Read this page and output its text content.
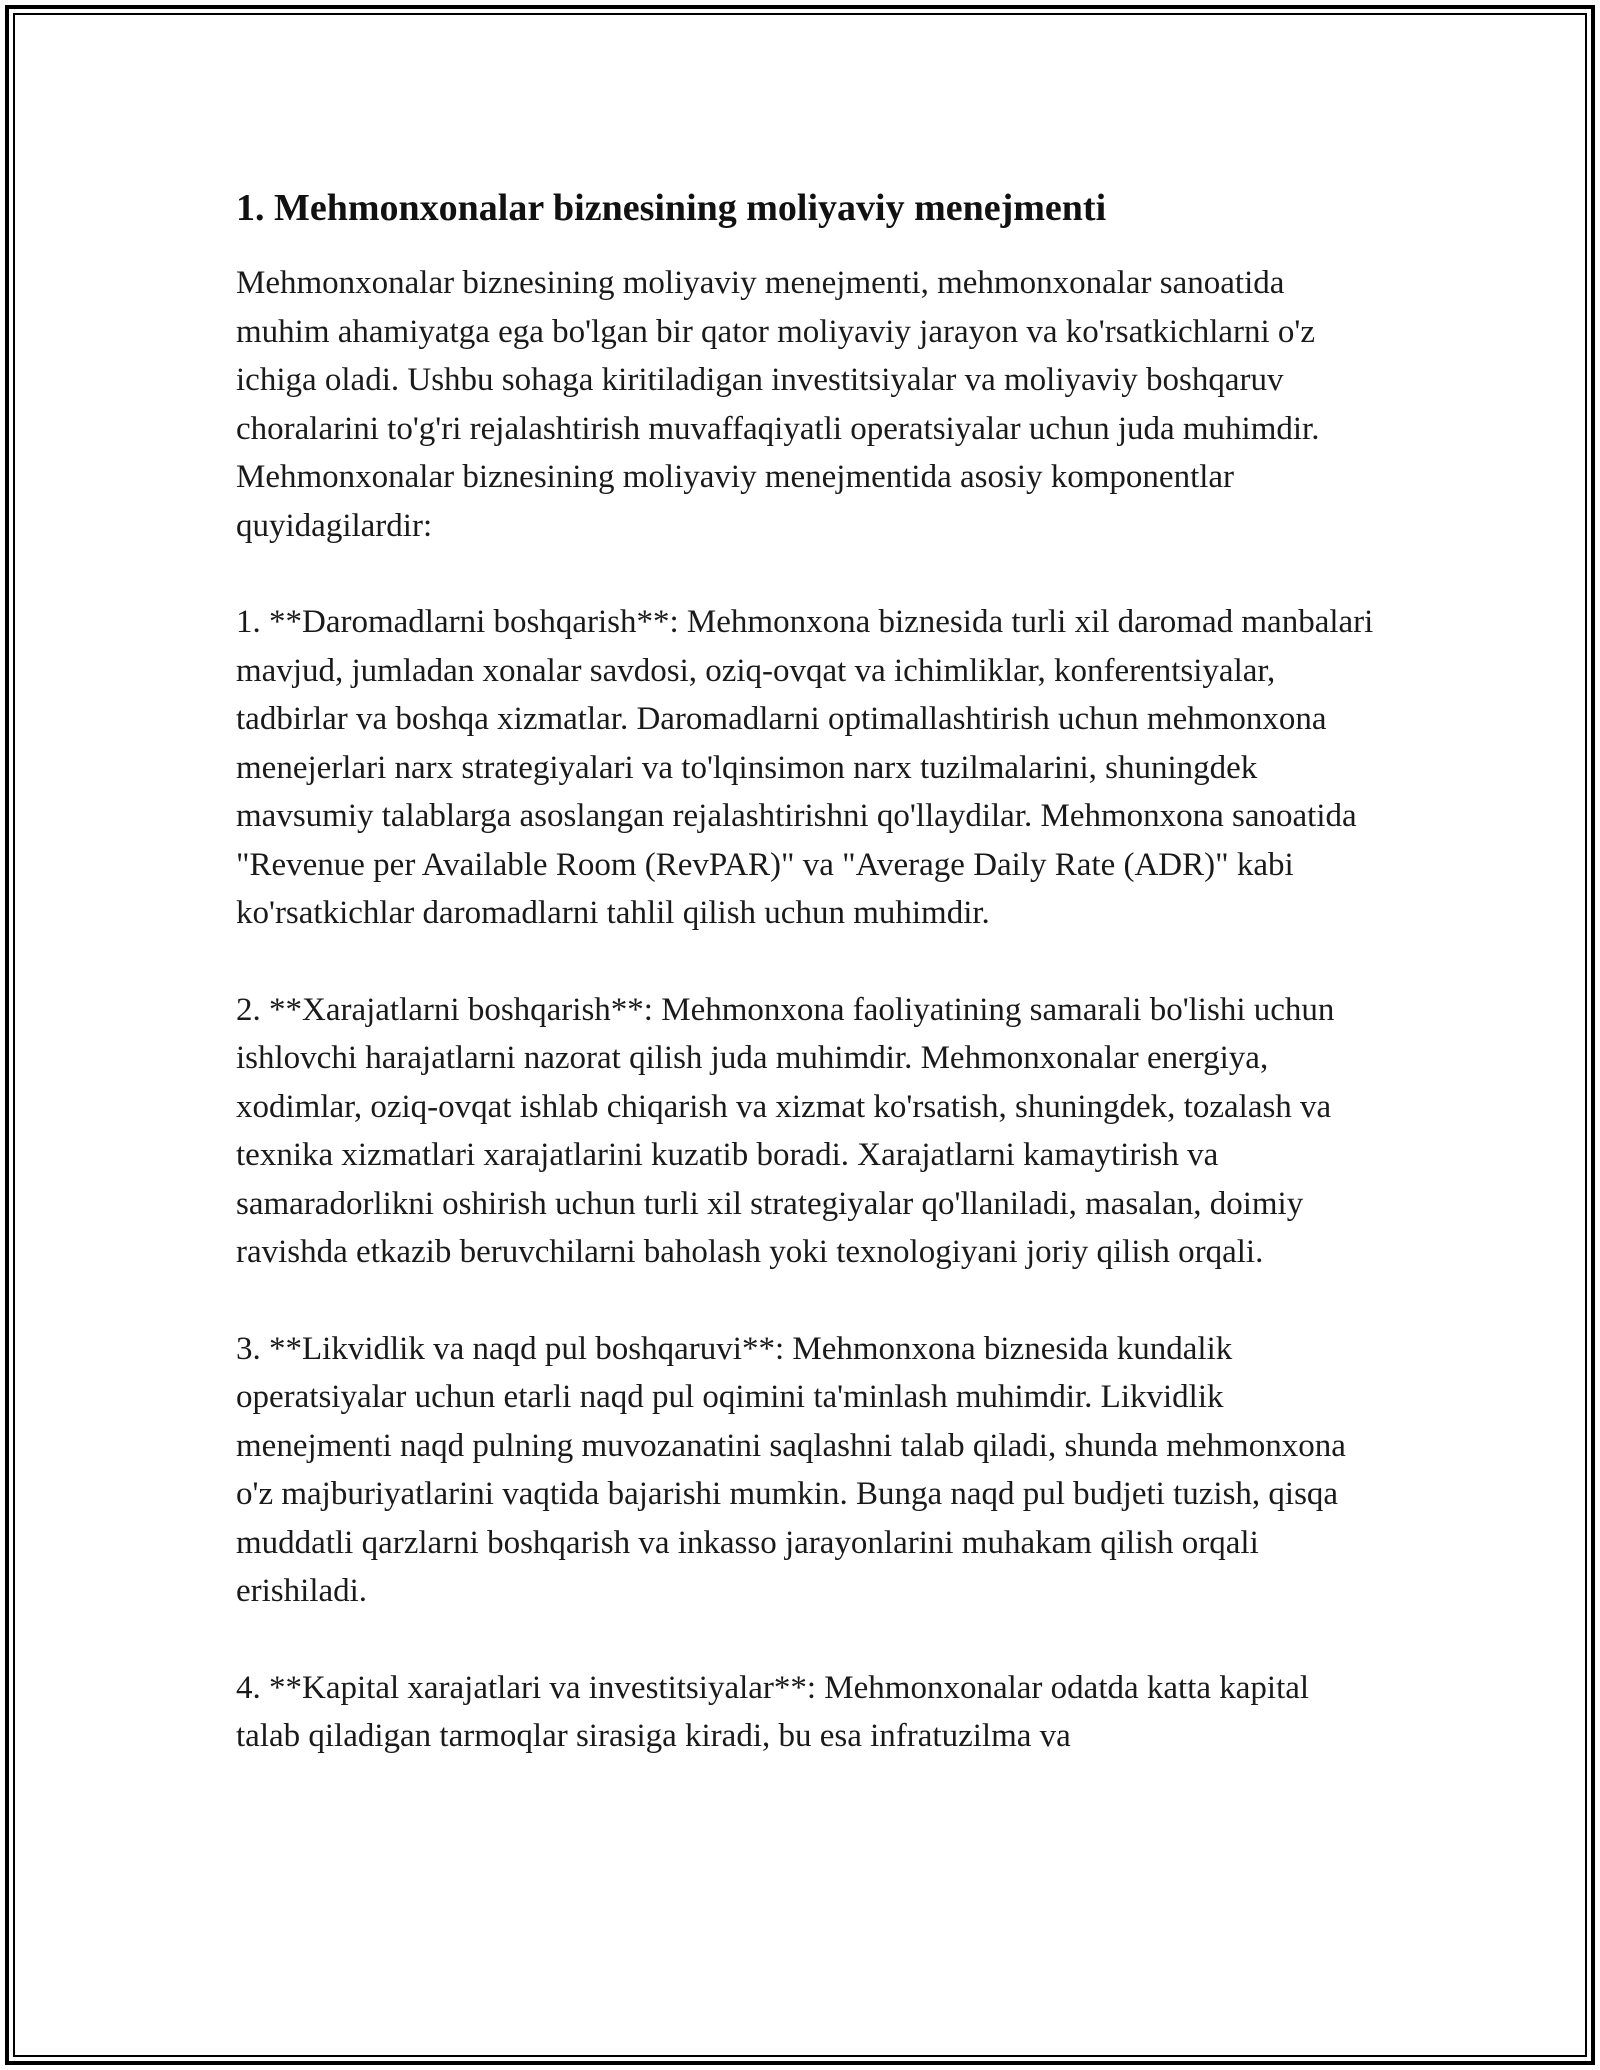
1. Mehmonxonalar biznesining moliyaviy menejmenti

Mehmonxonalar biznesining moliyaviy menejmenti, mehmonxonalar sanoatida muhim ahamiyatga ega bo'lgan bir qator moliyaviy jarayon va ko'rsatkichlarni o'z ichiga oladi. Ushbu sohaga kiritiladigan investitsiyalar va moliyaviy boshqaruv choralarini to'g'ri rejalashtirish muvaffaqiyatli operatsiyalar uchun juda muhimdir. Mehmonxonalar biznesining moliyaviy menejmentida asosiy komponentlar quyidagilardir:

1. **Daromadlarni boshqarish**: Mehmonxona biznesida turli xil daromad manbalari mavjud, jumladan xonalar savdosi, oziq-ovqat va ichimliklar, konferentsiyalar, tadbirlar va boshqa xizmatlar. Daromadlarni optimallashtirish uchun mehmonxona menejerlari narx strategiyalari va to'lqinsimon narx tuzilmalarini, shuningdek mavsumiy talablarga asoslangan rejalashtirishni qo'llaydilar. Mehmonxona sanoatida "Revenue per Available Room (RevPAR)" va "Average Daily Rate (ADR)" kabi ko'rsatkichlar daromadlarni tahlil qilish uchun muhimdir.

2. **Xarajatlarni boshqarish**: Mehmonxona faoliyatining samarali bo'lishi uchun ishlovchi harajatlarni nazorat qilish juda muhimdir. Mehmonxonalar energiya, xodimlar, oziq-ovqat ishlab chiqarish va xizmat ko'rsatish, shuningdek, tozalash va texnika xizmatlari xarajatlarini kuzatib boradi. Xarajatlarni kamaytirish va samaradorlikni oshirish uchun turli xil strategiyalar qo'llaniladi, masalan, doimiy ravishda etkazib beruvchilarni baholash yoki texnologiyani joriy qilish orqali.

3. **Likvidlik va naqd pul boshqaruvi**: Mehmonxona biznesida kundalik operatsiyalar uchun etarli naqd pul oqimini ta'minlash muhimdir. Likvidlik menejmenti naqd pulning muvozanatini saqlashni talab qiladi, shunda mehmonxona o'z majburiyatlarini vaqtida bajarishi mumkin. Bunga naqd pul budjeti tuzish, qisqa muddatli qarzlarni boshqarish va inkasso jarayonlarini muhakam qilish orqali erishiladi.

4. **Kapital xarajatlari va investitsiyalar**: Mehmonxonalar odatda katta kapital talab qiladigan tarmoqlar sirasiga kiradi, bu esa infratuzilma va
